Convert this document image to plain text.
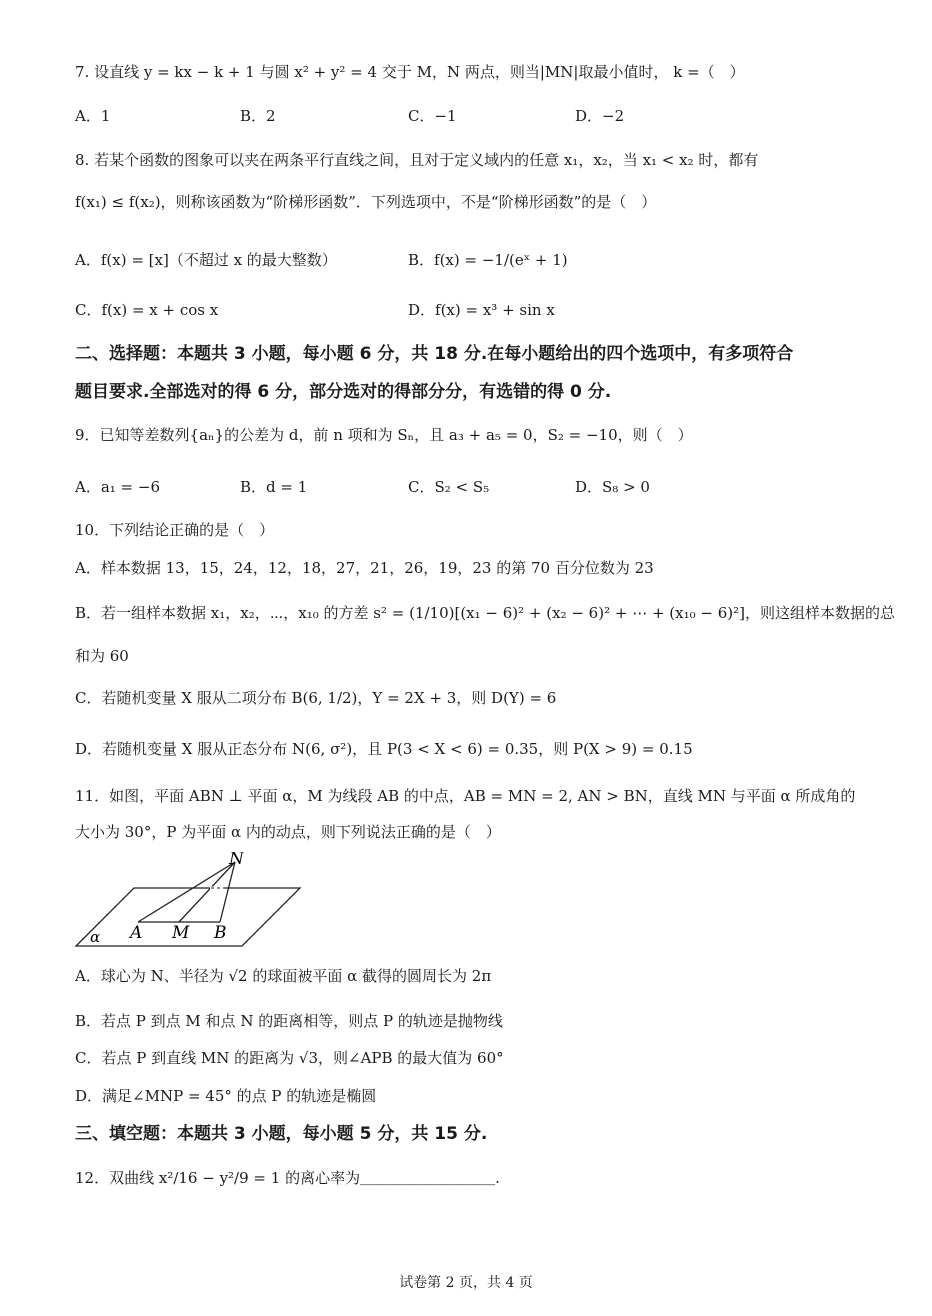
7. 设直线 y = kx − k + 1 与圆 x² + y² = 4 交于 M，N 两点，则当|MN|取最小值时， k =（　）
A．1	B．2	C．−1	D．−2
8. 若某个函数的图象可以夹在两条平行直线之间，且对于定义域内的任意 x₁，x₂，当 x₁ < x₂ 时，都有
f(x₁) ≤ f(x₂)，则称该函数为“阶梯形函数”．下列选项中，不是“阶梯形函数”的是（　）
A．f(x) = [x]（不超过 x 的最大整数）	B．f(x) = −1/(eˣ + 1)
C．f(x) = x + cos x	D．f(x) = x³ + sin x
二、选择题：本题共 3 小题，每小题 6 分，共 18 分.在每小题给出的四个选项中，有多项符合
题目要求.全部选对的得 6 分，部分选对的得部分分，有选错的得 0 分.
9．已知等差数列{aₙ}的公差为 d，前 n 项和为 Sₙ，且 a₃ + a₅ = 0，S₂ = −10，则（　）
A．a₁ = −6	B．d = 1	C．S₂ < S₅	D．S₈ > 0
10．下列结论正确的是（　）
A．样本数据 13，15，24，12，18，27，21，26，19，23 的第 70 百分位数为 23
B．若一组样本数据 x₁，x₂，⋯，x₁₀ 的方差 s² = (1/10)[(x₁ − 6)² + (x₂ − 6)² + ⋯ + (x₁₀ − 6)²]，则这组样本数据的总
和为 60
C．若随机变量 X 服从二项分布 B(6, 1/2)，Y = 2X + 3，则 D(Y) = 6
D．若随机变量 X 服从正态分布 N(6, σ²)，且 P(3 < X < 6) = 0.35，则 P(X > 9) = 0.15
11．如图，平面 ABN ⊥ 平面 α，M 为线段 AB 的中点，AB = MN = 2, AN > BN，直线 MN 与平面 α 所成角的
大小为 30°，P 为平面 α 内的动点，则下列说法正确的是（　）
N
A M B
α
A．球心为 N、半径为 √2 的球面被平面 α 截得的圆周长为 2π
B．若点 P 到点 M 和点 N 的距离相等，则点 P 的轨迹是抛物线
C．若点 P 到直线 MN 的距离为 √3，则∠APB 的最大值为 60°
D．满足∠MNP = 45° 的点 P 的轨迹是椭圆
三、填空题：本题共 3 小题，每小题 5 分，共 15 分.
12．双曲线 x²/16 − y²/9 = 1 的离心率为＿＿＿＿＿＿＿＿＿.
试卷第 2 页，共 4 页
